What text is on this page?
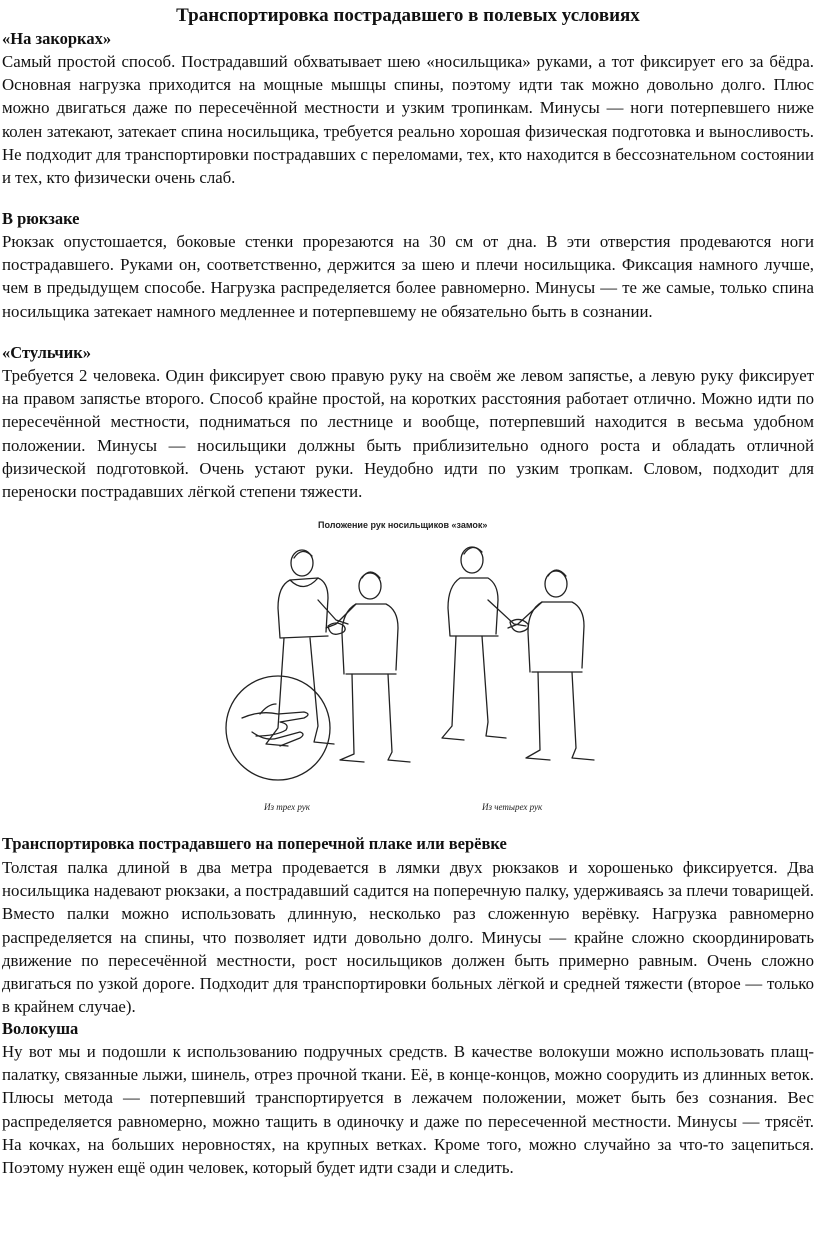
Транспортировка пострадавшего в полевых условиях
«На закорках»
Самый простой способ. Пострадавший обхватывает шею «носильщика» руками, а тот фиксирует его за бёдра. Основная нагрузка приходится на мощные мышцы спины, поэтому идти так можно довольно долго. Плюс можно двигаться даже по пересечённой местности и узким тропинкам. Минусы — ноги потерпевшего ниже колен затекают, затекает спина носильщика, требуется реально хорошая физическая подготовка и выносливость. Не подходит для транспортировки пострадавших с переломами, тех, кто находится в бессознательном состоянии и тех, кто физически очень слаб.
В рюкзаке
Рюкзак опустошается, боковые стенки прорезаются на 30 см от дна. В эти отверстия продеваются ноги пострадавшего. Руками он, соответственно, держится за шею и плечи носильщика. Фиксация намного лучше, чем в предыдущем способе. Нагрузка распределяется более равномерно. Минусы — те же самые, только спина носильщика затекает намного медленнее и потерпевшему не обязательно быть в сознании.
«Стульчик»
Требуется 2 человека. Один фиксирует свою правую руку на своём же левом запястье, а левую руку фиксирует на правом запястье второго. Способ крайне простой, на коротких расстояния работает отлично. Можно идти по пересечённой местности, подниматься по лестнице и вообще, потерпевший находится в весьма удобном положении. Минусы — носильщики должны быть приблизительно одного роста и обладать отличной физической подготовкой. Очень устают руки. Неудобно идти по узким тропкам. Словом, подходит для переноски пострадавших лёгкой степени тяжести.
Положение рук носильщиков «замок»
Из трех рук	Из четырех рук
Транспортировка пострадавшего на поперечной плаке или верёвке
Толстая палка длиной в два метра продевается в лямки двух рюкзаков и хорошенько фиксируется. Два носильщика надевают рюкзаки, а пострадавший садится на поперечную палку, удерживаясь за плечи товарищей. Вместо палки можно использовать длинную, несколько раз сложенную верёвку. Нагрузка равномерно распределяется на спины, что позволяет идти довольно долго. Минусы — крайне сложно скоординировать движение по пересечённой местности, рост носильщиков должен быть примерно равным. Очень сложно двигаться по узкой дороге. Подходит для транспортировки больных лёгкой и средней тяжести (второе — только в крайнем случае).
Волокуша
Ну вот мы и подошли к использованию подручных средств. В качестве волокуши можно использовать плащ-палатку, связанные лыжи, шинель, отрез прочной ткани. Её, в конце-концов, можно соорудить из длинных веток. Плюсы метода — потерпевший транспортируется в лежачем положении, может быть без сознания. Вес распределяется равномерно, можно тащить в одиночку и даже по пересеченной местности. Минусы — трясёт. На кочках, на больших неровностях, на крупных ветках. Кроме того, можно случайно за что-то зацепиться. Поэтому нужен ещё один человек, который будет идти сзади и следить.
